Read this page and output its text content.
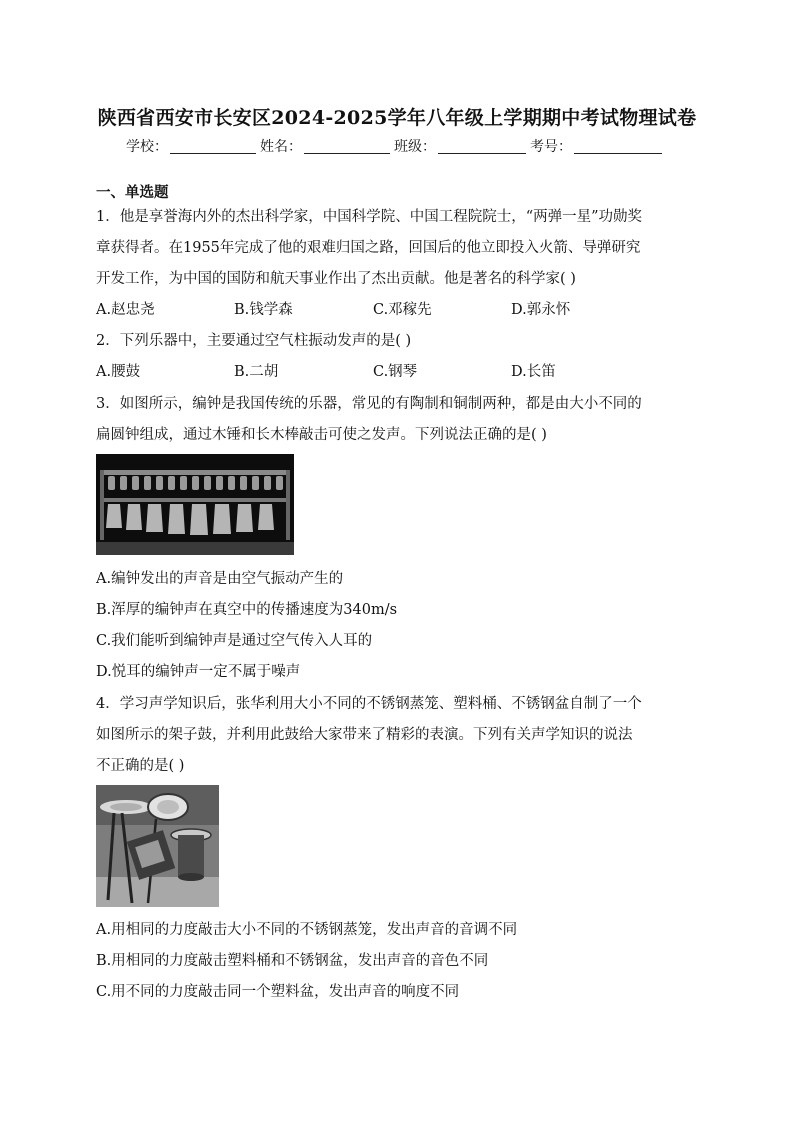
陕西省西安市长安区2024-2025学年八年级上学期期中考试物理试卷
学校：	姓名：	班级：	考号：
一、单选题
1．他是享誉海内外的杰出科学家，中国科学院、中国工程院院士，“两弹一星”功勋奖
章获得者。在1955年完成了他的艰难归国之路，回国后的他立即投入火箭、导弹研究
开发工作，为中国的国防和航天事业作出了杰出贡献。他是著名的科学家( )
A.赵忠尧	B.钱学森	C.邓稼先	D.郭永怀
2．下列乐器中，主要通过空气柱振动发声的是( )
A.腰鼓	B.二胡	C.钢琴	D.长笛
3．如图所示，编钟是我国传统的乐器，常见的有陶制和铜制两种，都是由大小不同的
扁圆钟组成，通过木锤和长木棒敲击可使之发声。下列说法正确的是( )
A.编钟发出的声音是由空气振动产生的
B.浑厚的编钟声在真空中的传播速度为340m/s
C.我们能听到编钟声是通过空气传入人耳的
D.悦耳的编钟声一定不属于噪声
4．学习声学知识后，张华利用大小不同的不锈钢蒸笼、塑料桶、不锈钢盆自制了一个
如图所示的架子鼓，并利用此鼓给大家带来了精彩的表演。下列有关声学知识的说法
不正确的是( )
A.用相同的力度敲击大小不同的不锈钢蒸笼，发出声音的音调不同
B.用相同的力度敲击塑料桶和不锈钢盆，发出声音的音色不同
C.用不同的力度敲击同一个塑料盆，发出声音的响度不同
